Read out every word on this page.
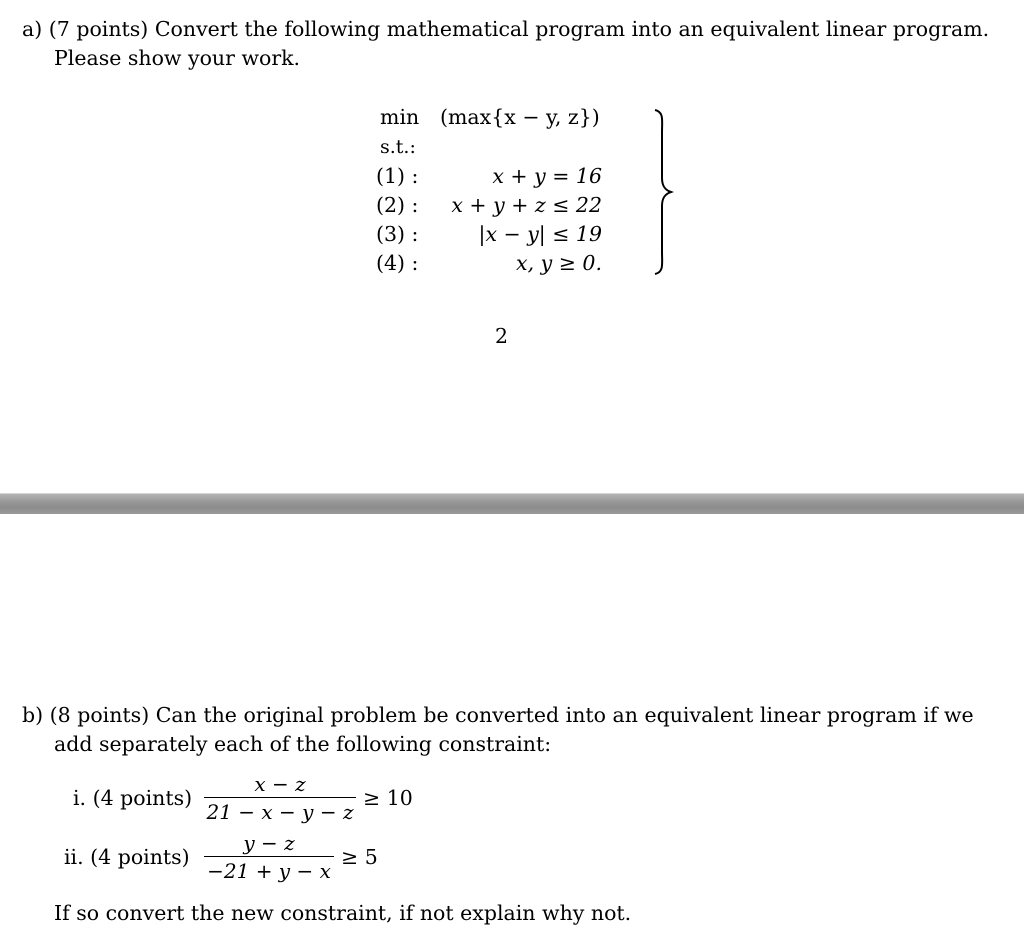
a) (7 points) Convert the following mathematical program into an equivalent linear program.
Please show your work.
min (max{x − y, z})
s.t.:
(1) :	x + y = 16
(2) : x + y + z ≤ 22
(3) :	|x − y| ≤ 19
(4) :	x, y ≥ 0.
2
b) (8 points) Can the original problem be converted into an equivalent linear program if we
add separately each of the following constraint:
i. (4 points)
x − z
21 − x − y − z
≥ 10
ii. (4 points)
y − z
−21 + y − x
≥ 5
If so convert the new constraint, if not explain why not.
